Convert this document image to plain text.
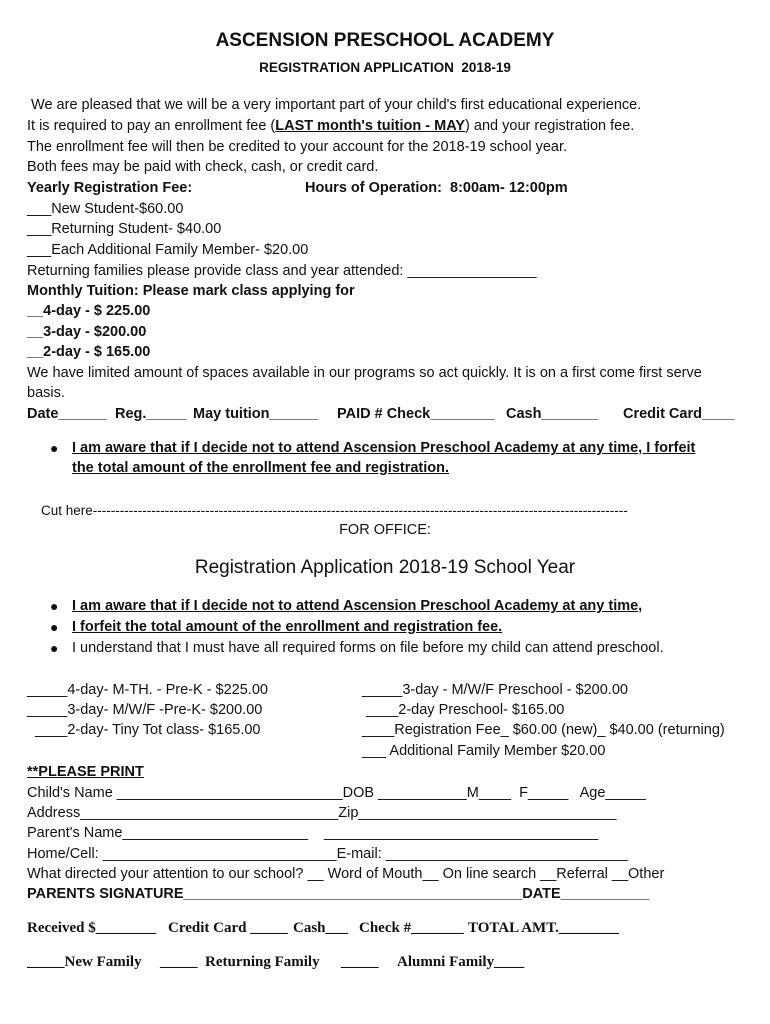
ASCENSION PRESCHOOL ACADEMY
REGISTRATION APPLICATION  2018-19
We are pleased that we will be a very important part of your child's first educational experience.
It is required to pay an enrollment fee (LAST month's tuition - MAY) and your registration fee.
The enrollment fee will then be credited to your account for the 2018-19 school year.
Both fees may be paid with check, cash, or credit card.
Yearly Registration Fee:	Hours of Operation:  8:00am- 12:00pm
___New Student-$60.00
___Returning Student- $40.00
___Each Additional Family Member- $20.00
Returning families please provide class and year attended: ________________
Monthly Tuition: Please mark class applying for
__4-day - $ 225.00
__3-day - $200.00
__2-day - $ 165.00
We have limited amount of spaces available in our programs so act quickly. It is on a first come first serve
basis.
Date______ Reg._____ May tuition______ PAID # Check________ Cash_______ Credit Card____
● I am aware that if I decide not to attend Ascension Preschool Academy at any time, I forfeit
the total amount of the enrollment fee and registration.
Cut here-----------------------------------------------------------------------------------------------------------------------
FOR OFFICE:
Registration Application 2018-19 School Year
● I am aware that if I decide not to attend Ascension Preschool Academy at any time,
● I forfeit the total amount of the enrollment and registration fee.
● I understand that I must have all required forms on file before my child can attend preschool.
_____4-day- M-TH. - Pre-K - $225.00
_____3-day- M/W/F -Pre-K- $200.00
____2-day- Tiny Tot class- $165.00
_____3-day - M/W/F Preschool - $200.00
____2-day Preschool- $165.00
____Registration Fee_ $60.00 (new)_ $40.00 (returning)
___ Additional Family Member $20.00
**PLEASE PRINT
Child's Name ____________________________DOB ___________M____  F_____   Age_____
Address________________________________Zip________________________________
Parent's Name_______________________    __________________________________
Home/Cell: _____________________________E-mail: ______________________________
What directed your attention to our school? __ Word of Mouth__ On line search __Referral __Other
PARENTS SIGNATURE__________________________________________DATE___________
Received $________ Credit Card _____ Cash___ Check #_______ TOTAL AMT.________
_____New Family _____  Returning Family _____ Alumni Family____
